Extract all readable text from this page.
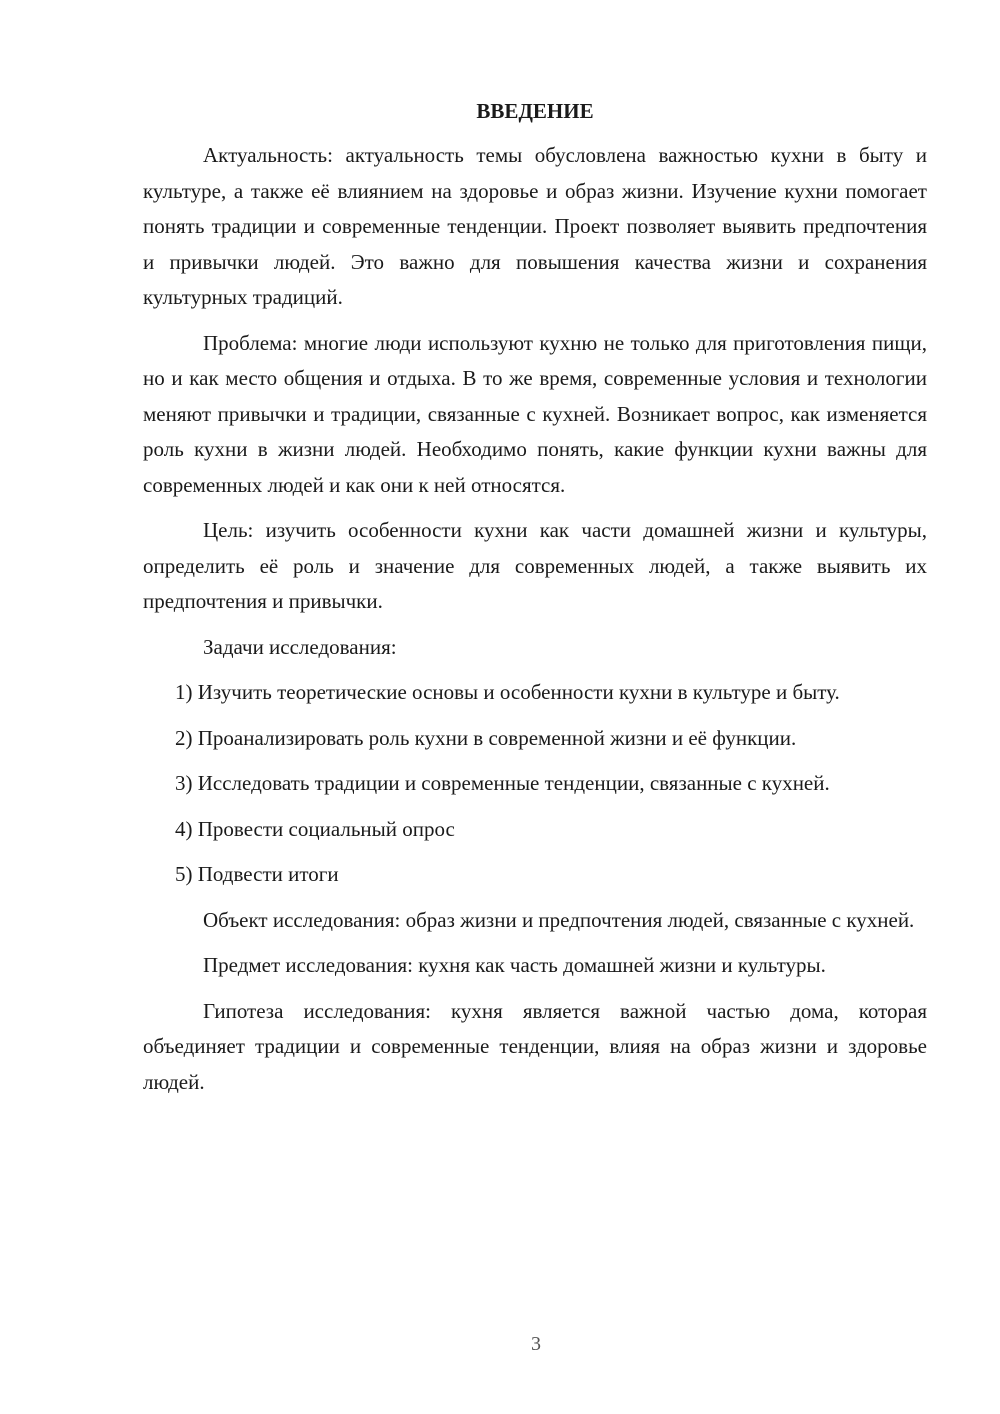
ВВЕДЕНИЕ

Актуальность: актуальность темы обусловлена важностью кухни в быту и культуре, а также её влиянием на здоровье и образ жизни. Изучение кухни помогает понять традиции и современные тенденции. Проект позволяет выявить предпочтения и привычки людей. Это важно для повышения качества жизни и сохранения культурных традиций.

Проблема: многие люди используют кухню не только для приготовления пищи, но и как место общения и отдыха. В то же время, современные условия и технологии меняют привычки и традиции, связанные с кухней. Возникает вопрос, как изменяется роль кухни в жизни людей. Необходимо понять, какие функции кухни важны для современных людей и как они к ней относятся.

Цель: изучить особенности кухни как части домашней жизни и культуры, определить её роль и значение для современных людей, а также выявить их предпочтения и привычки.

Задачи исследования:

1) Изучить теоретические основы и особенности кухни в культуре и быту.

2) Проанализировать роль кухни в современной жизни и её функции.

3) Исследовать традиции и современные тенденции, связанные с кухней.

4) Провести социальный опрос

5) Подвести итоги

Объект исследования: образ жизни и предпочтения людей, связанные с кухней.

Предмет исследования: кухня как часть домашней жизни и культуры.

Гипотеза исследования: кухня является важной частью дома, которая объединяет традиции и современные тенденции, влияя на образ жизни и здоровье людей.

3
